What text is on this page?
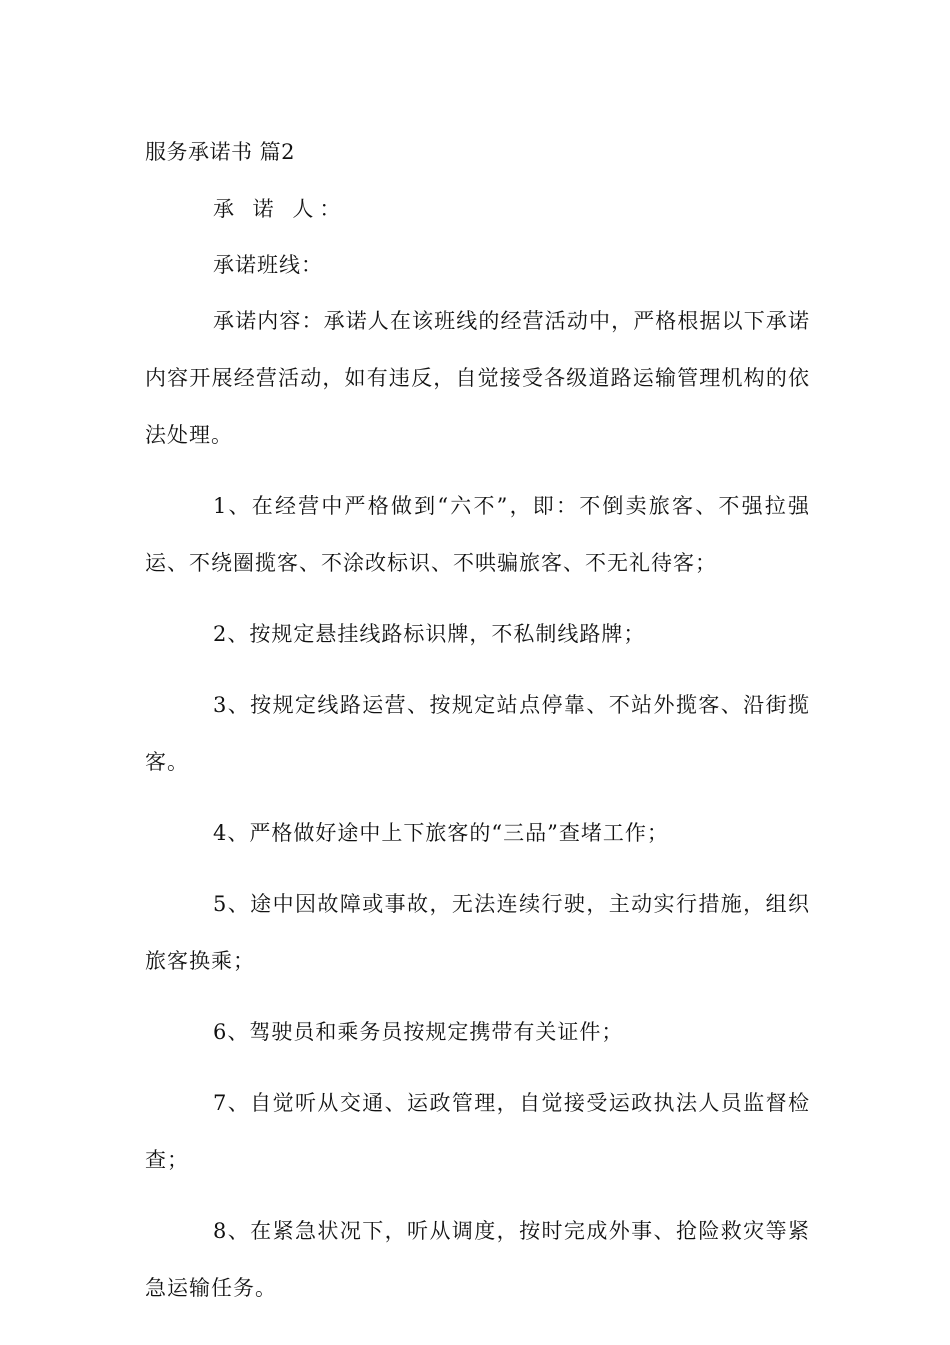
服务承诺书 篇2
承 诺 人：
承诺班线：

承诺内容：承诺人在该班线的经营活动中，严格根据以下承诺内容开展经营活动，如有违反，自觉接受各级道路运输管理机构的依法处理。

1、在经营中严格做到“六不”，即：不倒卖旅客、不强拉强运、不绕圈揽客、不涂改标识、不哄骗旅客、不无礼待客；

2、按规定悬挂线路标识牌，不私制线路牌；

3、按规定线路运营、按规定站点停靠、不站外揽客、沿街揽客。

4、严格做好途中上下旅客的“三品”查堵工作；

5、途中因故障或事故，无法连续行驶，主动实行措施，组织旅客换乘；

6、驾驶员和乘务员按规定携带有关证件；

7、自觉听从交通、运政管理，自觉接受运政执法人员监督检查；

8、在紧急状况下，听从调度，按时完成外事、抢险救灾等紧急运输任务。
